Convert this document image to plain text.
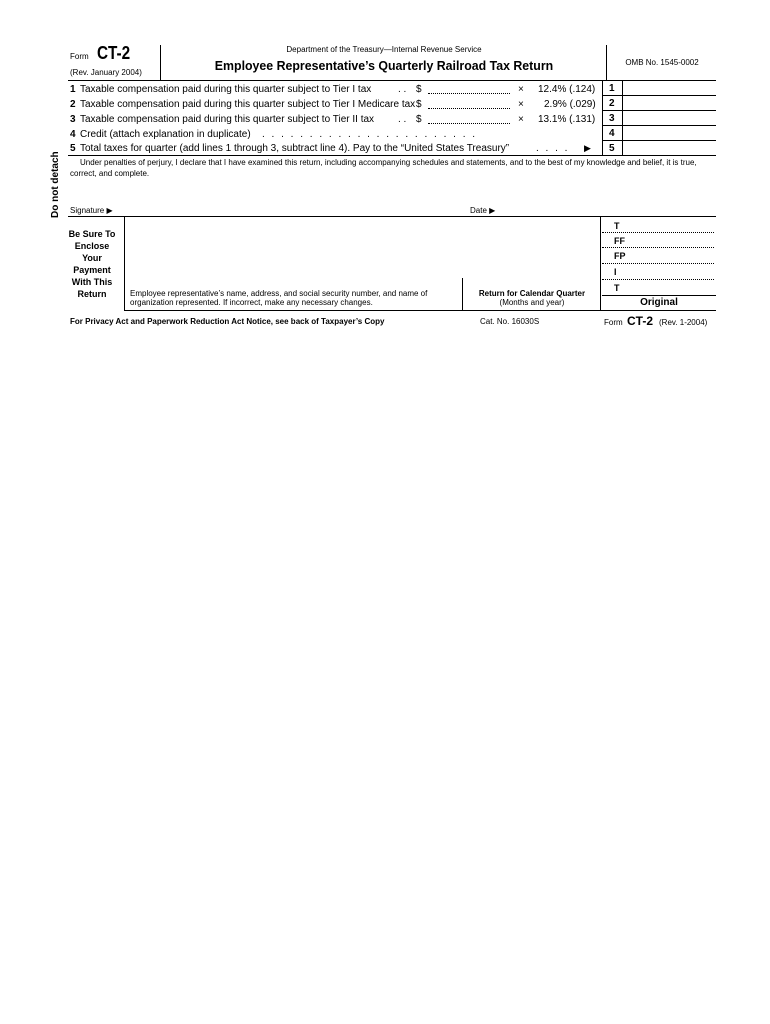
Form CT-2
(Rev. January 2004)
Department of the Treasury—Internal Revenue Service
Employee Representative’s Quarterly Railroad Tax Return	OMB No. 1545-0002
Do not detach
1 Taxable compensation paid during this quarter subject to Tier I tax	. . $	× 12.4% (.124) 1
2 Taxable compensation paid during this quarter subject to Tier I Medicare tax $	× 2.9% (.029) 2
3 Taxable compensation paid during this quarter subject to Tier II tax . . $	× 13.1% (.131) 3
4 Credit (attach explanation in duplicate) . . . . . . . . . . . . . . . . . . . . . . .	4
5 Total taxes for quarter (add lines 1 through 3, subtract line 4). Pay to the “United States Treasury”	. . . . ▶ 5
Under penalties of perjury, I declare that I have examined this return, including accompanying schedules and statements, and to the best of my knowledge and belief, it is true, correct, and complete.
Signature ▶	Date ▶
Be Sure To
Enclose
Your
Payment
With This
Return	Employee representative’s name, address, and social security number, and name of organization represented. If incorrect, make any necessary changes.
Return for Calendar Quarter
(Months and year)
T
FF
FP
I
T
Original
For Privacy Act and Paperwork Reduction Act Notice, see back of Taxpayer’s Copy	Cat. No. 16030S	Form CT-2 (Rev. 1-2004)
